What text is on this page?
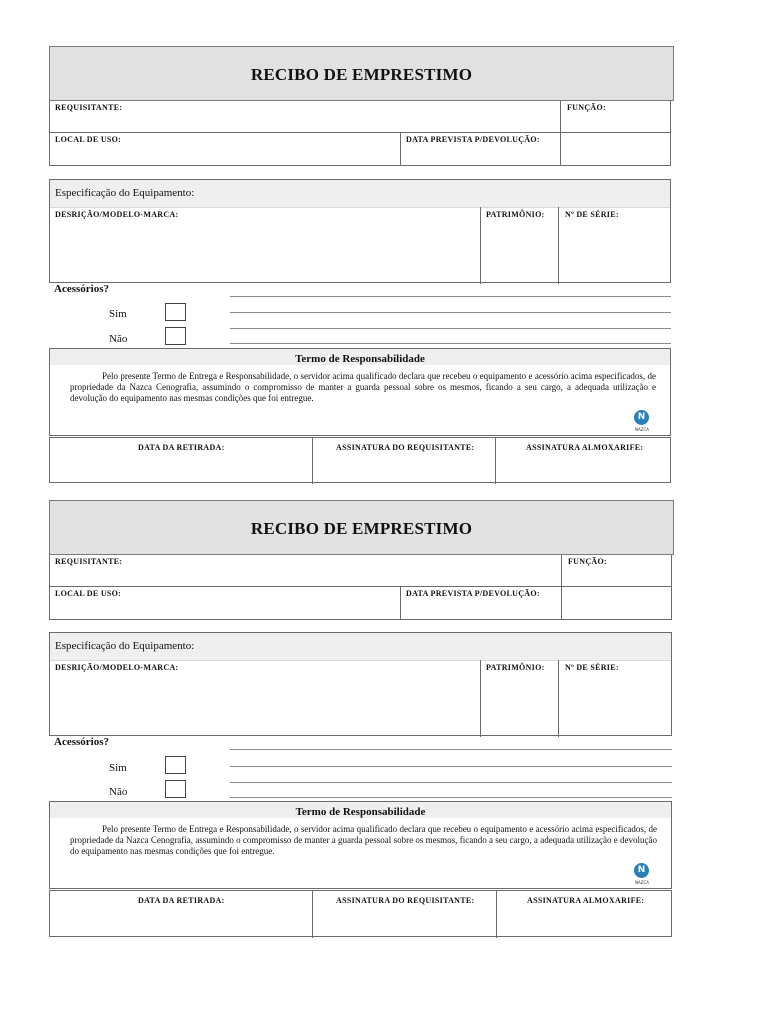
RECIBO DE EMPRESTIMO
REQUISITANTE:	FUNÇÃO:
LOCAL DE USO:	DATA PREVISTA P/DEVOLUÇÃO:
Especificação do Equipamento:
DESRIÇÃO/MODELO-MARCA:	PATRIMÔNIO:	Nº DE SÉRIE:
Acessórios?
Sim
Não
Termo de Responsabilidade
Pelo presente Termo de Entrega e Responsabilidade, o servidor acima qualificado declara que recebeu o equipamento e acessório acima especificados, de propriedade da Nazca Cenografia, assumindo o compromisso de manter a guarda pessoal sobre os mesmos, ficando a seu cargo, a adequada utilização e devolução do equipamento nas mesmas condições que foi entregue.
N
NAZCA
DATA DA RETIRADA:	ASSINATURA DO REQUISITANTE:	ASSINATURA ALMOXARIFE:
RECIBO DE EMPRESTIMO
REQUISITANTE:	FUNÇÃO:
LOCAL DE USO:	DATA PREVISTA P/DEVOLUÇÃO:
Especificação do Equipamento:
DESRIÇÃO/MODELO-MARCA:	PATRIMÔNIO:	Nº DE SÉRIE:
Acessórios?
Sim
Não
Termo de Responsabilidade
Pelo presente Termo de Entrega e Responsabilidade, o servidor acima qualificado declara que recebeu o equipamento e acessório acima especificados, de propriedade da Nazca Cenografia, assumindo o compromisso de manter a guarda pessoal sobre os mesmos, ficando a seu cargo, a adequada utilização e devolução do equipamento nas mesmas condições que foi entregue.
N
NAZCA
DATA DA RETIRADA:	ASSINATURA DO REQUISITANTE:	ASSINATURA ALMOXARIFE:
